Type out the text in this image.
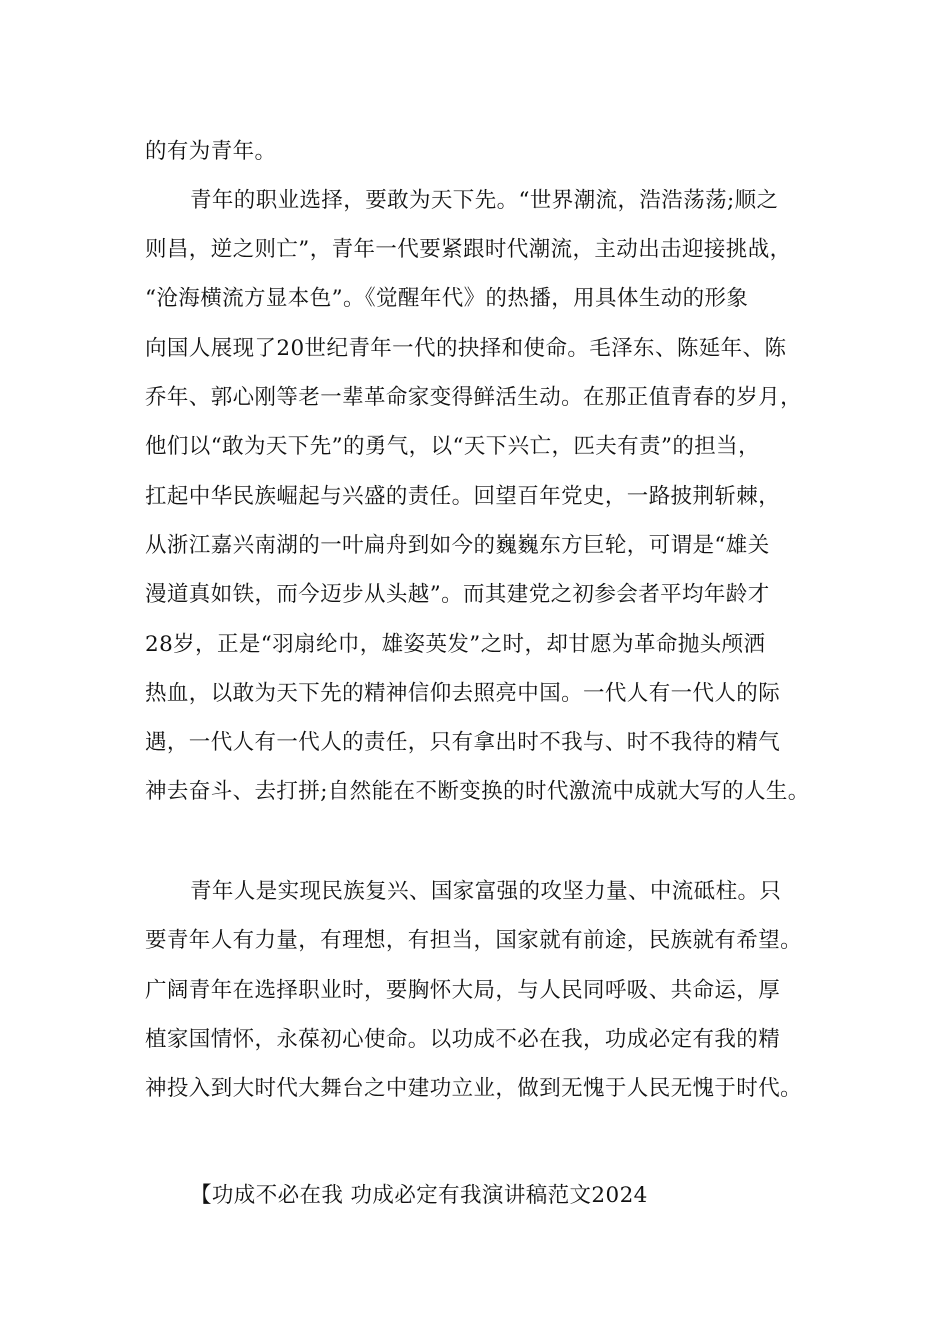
的有为青年。
青年的职业选择，要敢为天下先。“世界潮流，浩浩荡荡;顺之
则昌，逆之则亡”，青年一代要紧跟时代潮流，主动出击迎接挑战，
“沧海横流方显本色”。《觉醒年代》的热播，用具体生动的形象
向国人展现了20世纪青年一代的抉择和使命。毛泽东、陈延年、陈
乔年、郭心刚等老一辈革命家变得鲜活生动。在那正值青春的岁月，
他们以“敢为天下先”的勇气，以“天下兴亡，匹夫有责”的担当，
扛起中华民族崛起与兴盛的责任。回望百年党史，一路披荆斩棘，
从浙江嘉兴南湖的一叶扁舟到如今的巍巍东方巨轮，可谓是“雄关
漫道真如铁，而今迈步从头越”。而其建党之初参会者平均年龄才
28岁，正是“羽扇纶巾，雄姿英发”之时，却甘愿为革命抛头颅洒
热血，以敢为天下先的精神信仰去照亮中国。一代人有一代人的际
遇，一代人有一代人的责任，只有拿出时不我与、时不我待的精气
神去奋斗、去打拼;自然能在不断变换的时代激流中成就大写的人生。
青年人是实现民族复兴、国家富强的攻坚力量、中流砥柱。只
要青年人有力量，有理想，有担当，国家就有前途，民族就有希望。
广阔青年在选择职业时，要胸怀大局，与人民同呼吸、共命运，厚
植家国情怀，永葆初心使命。以功成不必在我，功成必定有我的精
神投入到大时代大舞台之中建功立业，做到无愧于人民无愧于时代。
【功成不必在我 功成必定有我演讲稿范文2024
